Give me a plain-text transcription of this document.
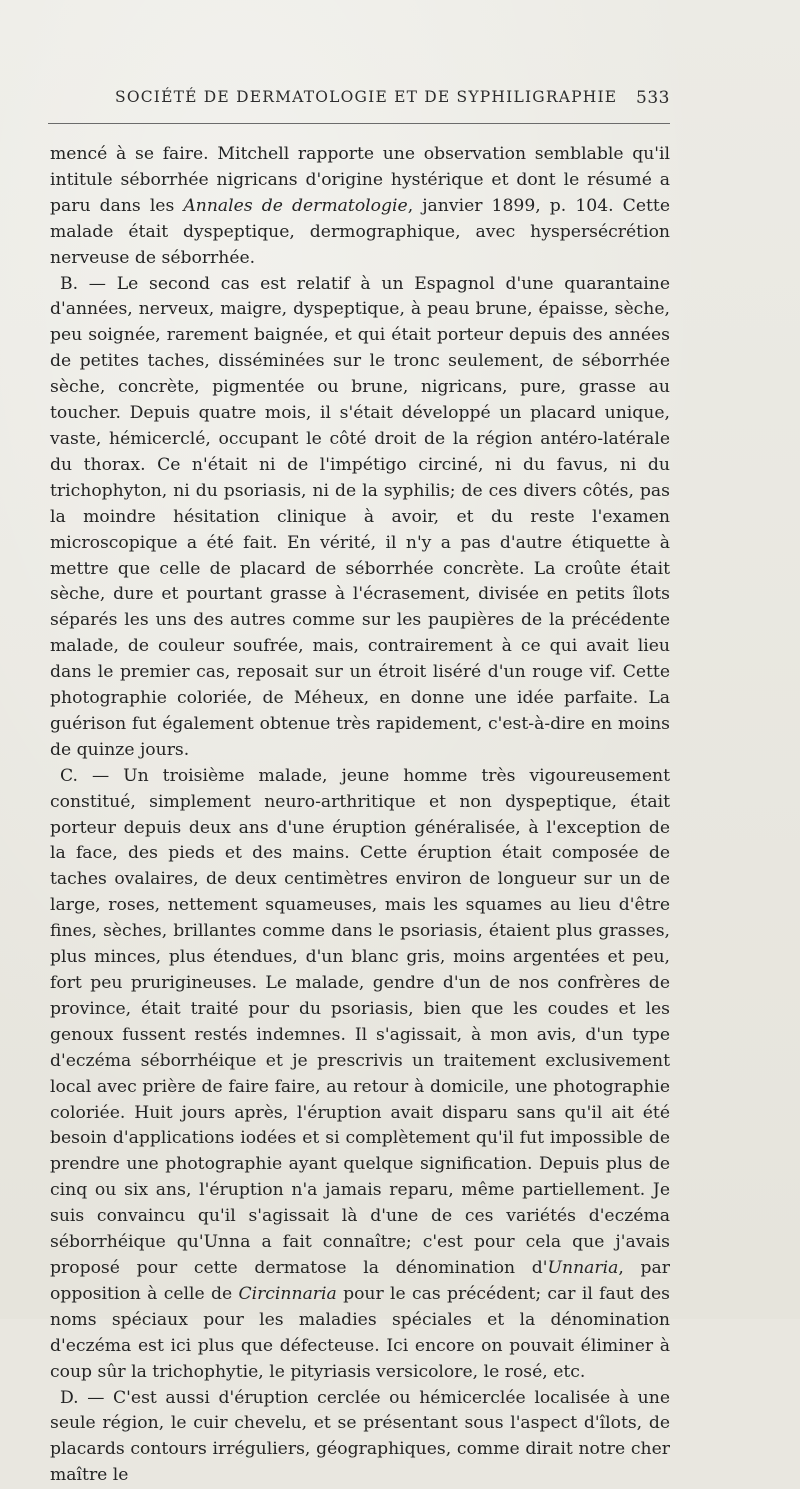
SOCIÉTÉ DE DERMATOLOGIE ET DE SYPHILIGRAPHIE 533

mencé à se faire. Mitchell rapporte une observation semblable qu'il intitule séborrhée nigricans d'origine hystérique et dont le résumé a paru dans les Annales de dermatologie, janvier 1899, p. 104. Cette malade était dyspeptique, dermographique, avec hyspersécrétion nerveuse de séborrhée.

B. — Le second cas est relatif à un Espagnol d'une quarantaine d'années, nerveux, maigre, dyspeptique, à peau brune, épaisse, sèche, peu soignée, rarement baignée, et qui était porteur depuis des années de petites taches, disséminées sur le tronc seulement, de séborrhée sèche, concrète, pigmentée ou brune, nigricans, pure, grasse au toucher. Depuis quatre mois, il s'était développé un placard unique, vaste, hémicerclé, occupant le côté droit de la région antéro-latérale du thorax. Ce n'était ni de l'impétigo circiné, ni du favus, ni du trichophyton, ni du psoriasis, ni de la syphilis; de ces divers côtés, pas la moindre hésitation clinique à avoir, et du reste l'examen microscopique a été fait. En vérité, il n'y a pas d'autre étiquette à mettre que celle de placard de séborrhée concrète. La croûte était sèche, dure et pourtant grasse à l'écrasement, divisée en petits îlots séparés les uns des autres comme sur les paupières de la précédente malade, de couleur soufrée, mais, contrairement à ce qui avait lieu dans le premier cas, reposait sur un étroit liséré d'un rouge vif. Cette photographie coloriée, de Méheux, en donne une idée parfaite. La guérison fut également obtenue très rapidement, c'est-à-dire en moins de quinze jours.

C. — Un troisième malade, jeune homme très vigoureusement constitué, simplement neuro-arthritique et non dyspeptique, était porteur depuis deux ans d'une éruption généralisée, à l'exception de la face, des pieds et des mains. Cette éruption était composée de taches ovalaires, de deux centimètres environ de longueur sur un de large, roses, nettement squameuses, mais les squames au lieu d'être fines, sèches, brillantes comme dans le psoriasis, étaient plus grasses, plus minces, plus étendues, d'un blanc gris, moins argentées et peu, fort peu prurigineuses. Le malade, gendre d'un de nos confrères de province, était traité pour du psoriasis, bien que les coudes et les genoux fussent restés indemnes. Il s'agissait, à mon avis, d'un type d'eczéma séborrhéique et je prescrivis un traitement exclusivement local avec prière de faire faire, au retour à domicile, une photographie coloriée. Huit jours après, l'éruption avait disparu sans qu'il ait été besoin d'applications iodées et si complètement qu'il fut impossible de prendre une photographie ayant quelque signification. Depuis plus de cinq ou six ans, l'éruption n'a jamais reparu, même partiellement. Je suis convaincu qu'il s'agissait là d'une de ces variétés d'eczéma séborrhéique qu'Unna a fait connaître; c'est pour cela que j'avais proposé pour cette dermatose la dénomination d'Unnaria, par opposition à celle de Circinnaria pour le cas précédent; car il faut des noms spéciaux pour les maladies spéciales et la dénomination d'eczéma est ici plus que défecteuse. Ici encore on pouvait éliminer à coup sûr la trichophytie, le pityriasis versicolore, le rosé, etc.

D. — C'est aussi d'éruption cerclée ou hémicerclée localisée à une seule région, le cuir chevelu, et se présentant sous l'aspect d'îlots, de placards contours irréguliers, géographiques, comme dirait notre cher maître le
